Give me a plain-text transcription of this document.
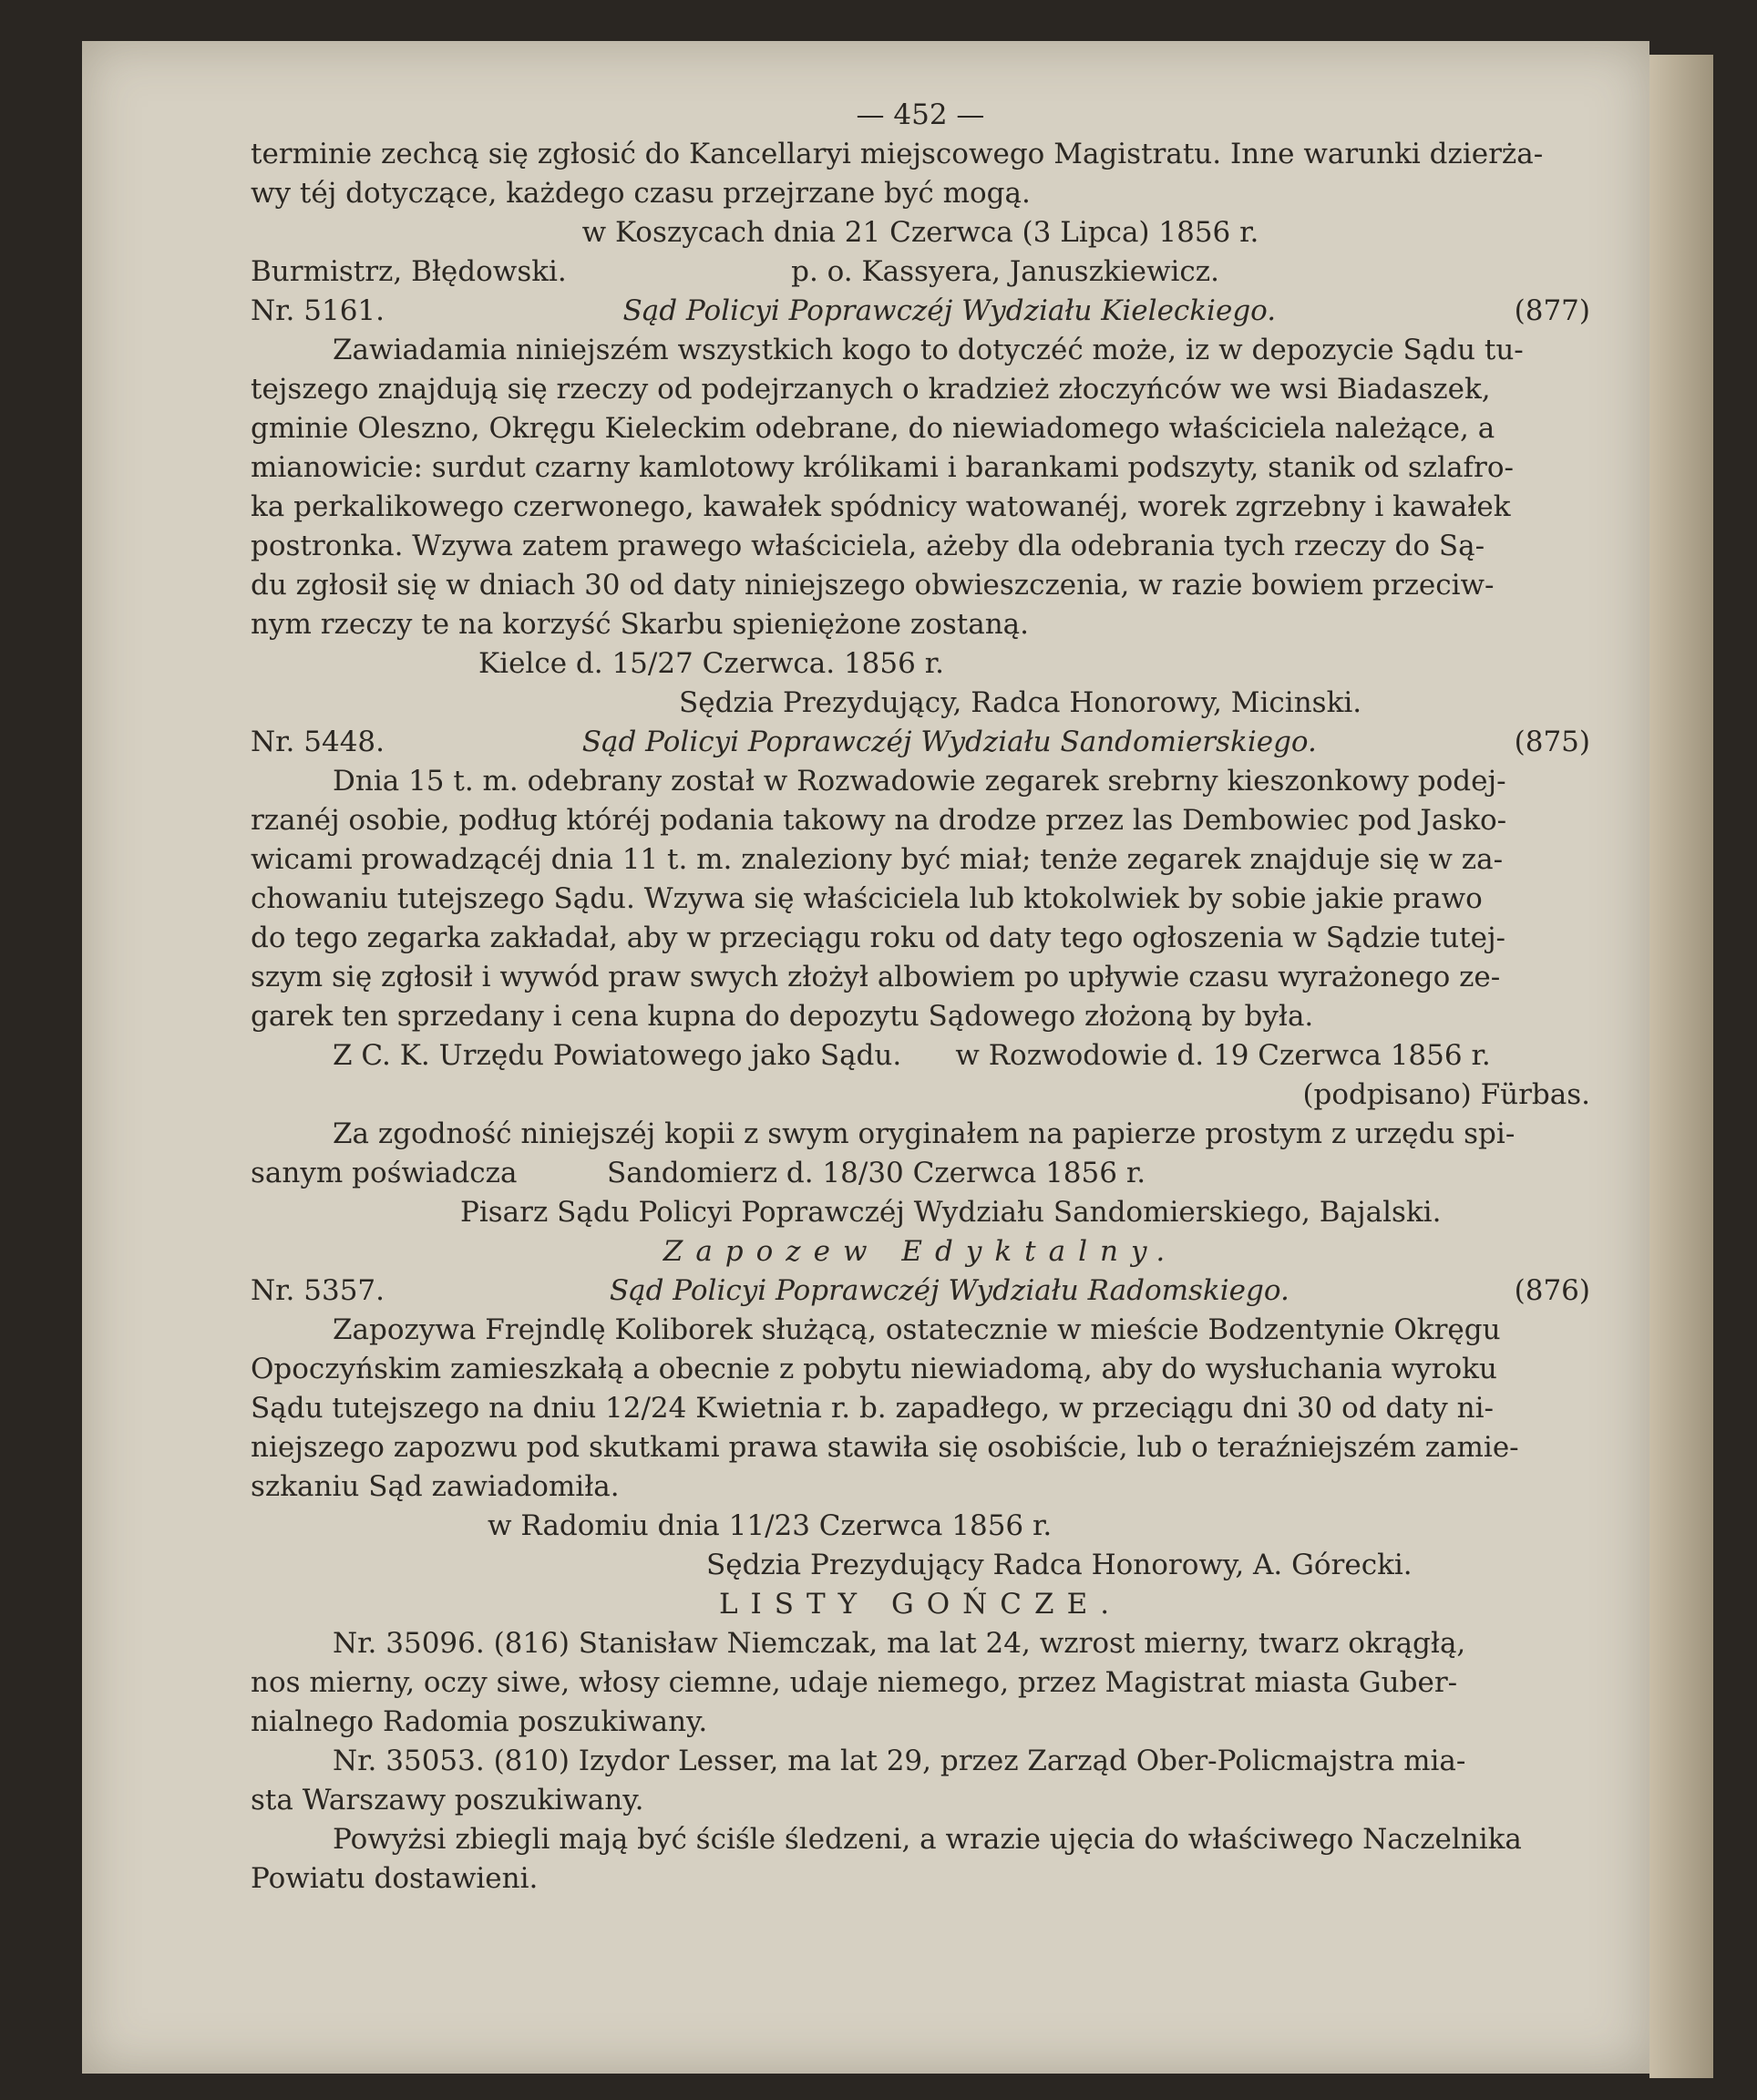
— 452 —
terminie zechcą się zgłosić do Kancellaryi miejscowego Magistratu. Inne warunki dzierża-
wy téj dotyczące, każdego czasu przejrzane być mogą.
w Koszycach dnia 21 Czerwca (3 Lipca) 1856 r.
Burmistrz, Błędowski.                         p. o. Kassyera, Januszkiewicz.
Nr. 5161.	Sąd Policyi Poprawczéj Wydziału Kieleckiego.	(877)
Zawiadamia niniejszém wszystkich kogo to dotyczéć może, iz w depozycie Sądu tu-
tejszego znajdują się rzeczy od podejrzanych o kradzież złoczyńców we wsi Biadaszek,
gminie Oleszno, Okręgu Kieleckim odebrane, do niewiadomego właściciela należące, a
mianowicie: surdut czarny kamlotowy królikami i barankami podszyty, stanik od szlafro-
ka perkalikowego czerwonego, kawałek spódnicy watowanéj, worek zgrzebny i kawałek
postronka. Wzywa zatem prawego właściciela, ażeby dla odebrania tych rzeczy do Są-
du zgłosił się w dniach 30 od daty niniejszego obwieszczenia, w razie bowiem przeciw-
nym rzeczy te na korzyść Skarbu spieniężone zostaną.
Kielce d. 15/27 Czerwca. 1856 r.
Sędzia Prezydujący, Radca Honorowy, Micinski.
Nr. 5448.	Sąd Policyi Poprawczéj Wydziału Sandomierskiego.	(875)
Dnia 15 t. m. odebrany został w Rozwadowie zegarek srebrny kieszonkowy podej-
rzanéj osobie, podług któréj podania takowy na drodze przez las Dembowiec pod Jasko-
wicami prowadzącéj dnia 11 t. m. znaleziony być miał; tenże zegarek znajduje się w za-
chowaniu tutejszego Sądu. Wzywa się właściciela lub ktokolwiek by sobie jakie prawo
do tego zegarka zakładał, aby w przeciągu roku od daty tego ogłoszenia w Sądzie tutej-
szym się zgłosił i wywód praw swych złożył albowiem po upływie czasu wyrażonego ze-
garek ten sprzedany i cena kupna do depozytu Sądowego złożoną by była.
Z C. K. Urzędu Powiatowego jako Sądu.      w Rozwodowie d. 19 Czerwca 1856 r.
(podpisano) Fürbas.
Za zgodność niniejszéj kopii z swym oryginałem na papierze prostym z urzędu spi-
sanym poświadcza          Sandomierz d. 18/30 Czerwca 1856 r.
Pisarz Sądu Policyi Poprawczéj Wydziału Sandomierskiego, Bajalski.
Zapozew Edyktalny.
Nr. 5357.	Sąd Policyi Poprawczéj Wydziału Radomskiego.	(876)
Zapozywa Frejndlę Koliborek służącą, ostatecznie w mieście Bodzentynie Okręgu
Opoczyńskim zamieszkałą a obecnie z pobytu niewiadomą, aby do wysłuchania wyroku
Sądu tutejszego na dniu 12/24 Kwietnia r. b. zapadłego, w przeciągu dni 30 od daty ni-
niejszego zapozwu pod skutkami prawa stawiła się osobiście, lub o teraźniejszém zamie-
szkaniu Sąd zawiadomiła.
w Radomiu dnia 11/23 Czerwca 1856 r.
Sędzia Prezydujący Radca Honorowy, A. Górecki.
LISTY GOŃCZE.
Nr. 35096. (816) Stanisław Niemczak, ma lat 24, wzrost mierny, twarz okrągłą,
nos mierny, oczy siwe, włosy ciemne, udaje niemego, przez Magistrat miasta Guber-
nialnego Radomia poszukiwany.
Nr. 35053. (810) Izydor Lesser, ma lat 29, przez Zarząd Ober-Policmajstra mia-
sta Warszawy poszukiwany.
Powyżsi zbiegli mają być ściśle śledzeni, a wrazie ujęcia do właściwego Naczelnika
Powiatu dostawieni.
